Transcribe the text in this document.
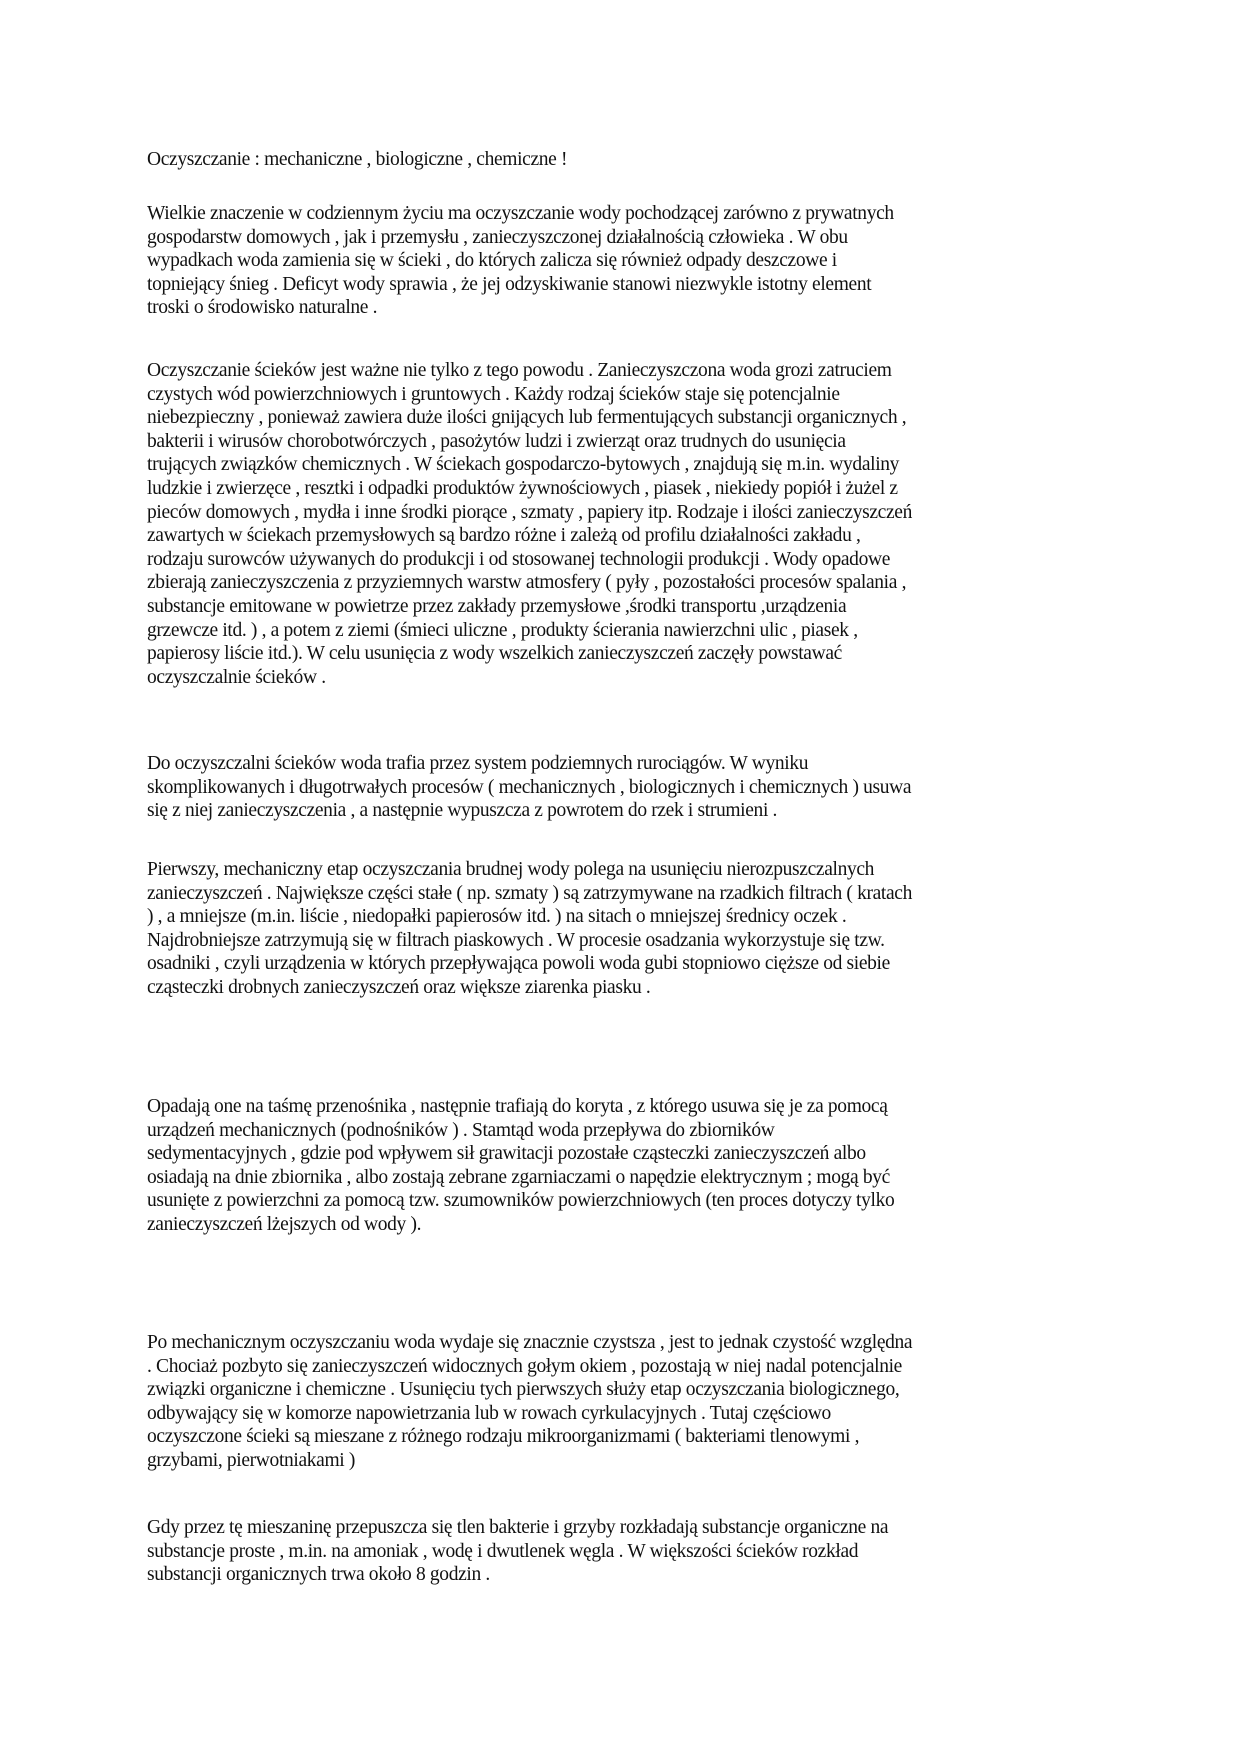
Oczyszczanie : mechaniczne , biologiczne , chemiczne !
Wielkie znaczenie w codziennym życiu ma oczyszczanie wody pochodzącej zarówno z prywatnych
gospodarstw domowych , jak i przemysłu , zanieczyszczonej działalnością człowieka . W obu
wypadkach woda zamienia się w ścieki , do których zalicza się również odpady deszczowe i
topniejący śnieg . Deficyt wody sprawia , że jej odzyskiwanie stanowi niezwykle istotny element
troski o środowisko naturalne .
Oczyszczanie ścieków jest ważne nie tylko z tego powodu . Zanieczyszczona woda grozi zatruciem
czystych wód powierzchniowych i gruntowych . Każdy rodzaj ścieków staje się potencjalnie
niebezpieczny , ponieważ zawiera duże ilości gnijących lub fermentujących substancji organicznych ,
bakterii i wirusów chorobotwórczych , pasożytów ludzi i zwierząt oraz trudnych do usunięcia
trujących związków chemicznych . W ściekach gospodarczo-bytowych , znajdują się m.in. wydaliny
ludzkie i zwierzęce , resztki i odpadki produktów żywnościowych , piasek , niekiedy popiół i żużel z
pieców domowych , mydła i inne środki piorące , szmaty , papiery itp. Rodzaje i ilości zanieczyszczeń
zawartych w ściekach przemysłowych są bardzo różne i zależą od profilu działalności zakładu ,
rodzaju surowców używanych do produkcji i od stosowanej technologii produkcji . Wody opadowe
zbierają zanieczyszczenia z przyziemnych warstw atmosfery ( pyły , pozostałości procesów spalania ,
substancje emitowane w powietrze przez zakłady przemysłowe ,środki transportu ,urządzenia
grzewcze itd. ) , a potem z ziemi (śmieci uliczne , produkty ścierania nawierzchni ulic , piasek ,
papierosy liście itd.). W celu usunięcia z wody wszelkich zanieczyszczeń zaczęły powstawać
oczyszczalnie ścieków .
Do oczyszczalni ścieków woda trafia przez system podziemnych rurociągów. W wyniku
skomplikowanych i długotrwałych procesów ( mechanicznych , biologicznych i chemicznych ) usuwa
się z niej zanieczyszczenia , a następnie wypuszcza z powrotem do rzek i strumieni .
Pierwszy, mechaniczny etap oczyszczania brudnej wody polega na usunięciu nierozpuszczalnych
zanieczyszczeń . Największe części stałe ( np. szmaty ) są zatrzymywane na rzadkich filtrach ( kratach
) , a mniejsze (m.in. liście , niedopałki papierosów itd. ) na sitach o mniejszej średnicy oczek .
Najdrobniejsze zatrzymują się w filtrach piaskowych . W procesie osadzania wykorzystuje się tzw.
osadniki , czyli urządzenia w których przepływająca powoli woda gubi stopniowo cięższe od siebie
cząsteczki drobnych zanieczyszczeń oraz większe ziarenka piasku .
Opadają one na taśmę przenośnika , następnie trafiają do koryta , z którego usuwa się je za pomocą
urządzeń mechanicznych (podnośników ) . Stamtąd woda przepływa do zbiorników
sedymentacyjnych , gdzie pod wpływem sił grawitacji pozostałe cząsteczki zanieczyszczeń albo
osiadają na dnie zbiornika , albo zostają zebrane zgarniaczami o napędzie elektrycznym ; mogą być
usunięte z powierzchni za pomocą tzw. szumowników powierzchniowych (ten proces dotyczy tylko
zanieczyszczeń lżejszych od wody ).
Po mechanicznym oczyszczaniu woda wydaje się znacznie czystsza , jest to jednak czystość względna
. Chociaż pozbyto się zanieczyszczeń widocznych gołym okiem , pozostają w niej nadal potencjalnie
związki organiczne i chemiczne . Usunięciu tych pierwszych służy etap oczyszczania biologicznego,
odbywający się w komorze napowietrzania lub w rowach cyrkulacyjnych . Tutaj częściowo
oczyszczone ścieki są mieszane z różnego rodzaju mikroorganizmami ( bakteriami tlenowymi ,
grzybami, pierwotniakami )
Gdy przez tę mieszaninę przepuszcza się tlen bakterie i grzyby rozkładają substancje organiczne na
substancje proste , m.in. na amoniak , wodę i dwutlenek węgla . W większości ścieków rozkład
substancji organicznych trwa około 8 godzin .
